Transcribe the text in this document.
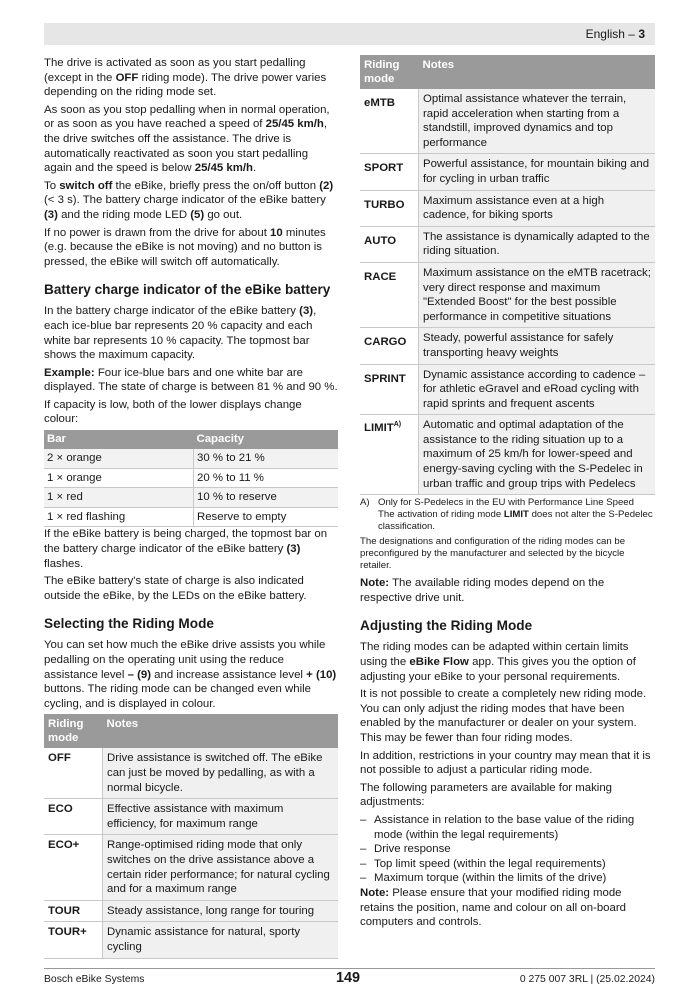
English – 3

The drive is activated as soon as you start pedalling (except in the OFF riding mode). The drive power varies depending on the riding mode set.

As soon as you stop pedalling when in normal operation, or as soon as you have reached a speed of 25/45 km/h, the drive switches off the assistance. The drive is automatically reactivated as soon you start pedalling again and the speed is below 25/45 km/h.

To switch off the eBike, briefly press the on/off button (2) (< 3 s). The battery charge indicator of the eBike battery (3) and the riding mode LED (5) go out.

If no power is drawn from the drive for about 10 minutes (e.g. because the eBike is not moving) and no button is pressed, the eBike will switch off automatically.

Battery charge indicator of the eBike battery

In the battery charge indicator of the eBike battery (3), each ice-blue bar represents 20 % capacity and each white bar represents 10 % capacity. The topmost bar shows the maximum capacity.

Example: Four ice-blue bars and one white bar are displayed. The state of charge is between 81 % and 90 %.

If capacity is low, both of the lower displays change colour:

Bar	Capacity
2 × orange	30 % to 21 %
1 × orange	20 % to 11 %
1 × red	10 % to reserve
1 × red flashing	Reserve to empty

If the eBike battery is being charged, the topmost bar on the battery charge indicator of the eBike battery (3) flashes.

The eBike battery's state of charge is also indicated outside the eBike, by the LEDs on the eBike battery.

Selecting the Riding Mode

You can set how much the eBike drive assists you while pedalling on the operating unit using the reduce assistance level – (9) and increase assistance level + (10) buttons. The riding mode can be changed even while cycling, and is displayed in colour.

Riding mode	Notes
OFF	Drive assistance is switched off. The eBike can just be moved by pedalling, as with a normal bicycle.
ECO	Effective assistance with maximum efficiency, for maximum range
ECO+	Range-optimised riding mode that only switches on the drive assistance above a certain rider performance; for natural cycling and for a maximum range
TOUR	Steady assistance, long range for touring
TOUR+	Dynamic assistance for natural, sporty cycling
Riding mode	Notes
eMTB	Optimal assistance whatever the terrain, rapid acceleration when starting from a standstill, improved dynamics and top performance
SPORT	Powerful assistance, for mountain biking and for cycling in urban traffic
TURBO	Maximum assistance even at a high cadence, for biking sports
AUTO	The assistance is dynamically adapted to the riding situation.
RACE	Maximum assistance on the eMTB racetrack; very direct response and maximum "Extended Boost" for the best possible performance in competitive situations
CARGO	Steady, powerful assistance for safely transporting heavy weights
SPRINT	Dynamic assistance according to cadence – for athletic eGravel and eRoad cycling with rapid sprints and frequent ascents
$LIMIT^{A)}$	Automatic and optimal adaptation of the assistance to the riding situation up to a maximum of 25 km/h for lower-speed and energy-saving cycling with the S-Pedelec in urban traffic and group trips with Pedelecs
A) Only for S-Pedelecs in the EU with Performance Line Speed
The activation of riding mode LIMIT does not alter the S-Pedelec classification.

The designations and configuration of the riding modes can be preconfigured by the manufacturer and selected by the bicycle retailer.

Note: The available riding modes depend on the respective drive unit.

Adjusting the Riding Mode

The riding modes can be adapted within certain limits using the eBike Flow app. This gives you the option of adjusting your eBike to your personal requirements.

It is not possible to create a completely new riding mode. You can only adjust the riding modes that have been enabled by the manufacturer or dealer on your system. This may be fewer than four riding modes.

In addition, restrictions in your country may mean that it is not possible to adjust a particular riding mode.

The following parameters are available for making adjustments:

– Assistance in relation to the base value of the riding mode (within the legal requirements)
– Drive response
– Top limit speed (within the legal requirements)
– Maximum torque (within the limits of the drive)

Note: Please ensure that your modified riding mode retains the position, name and colour on all on-board computers and controls.

Bosch eBike Systems	149	0 275 007 3RL | (25.02.2024)
